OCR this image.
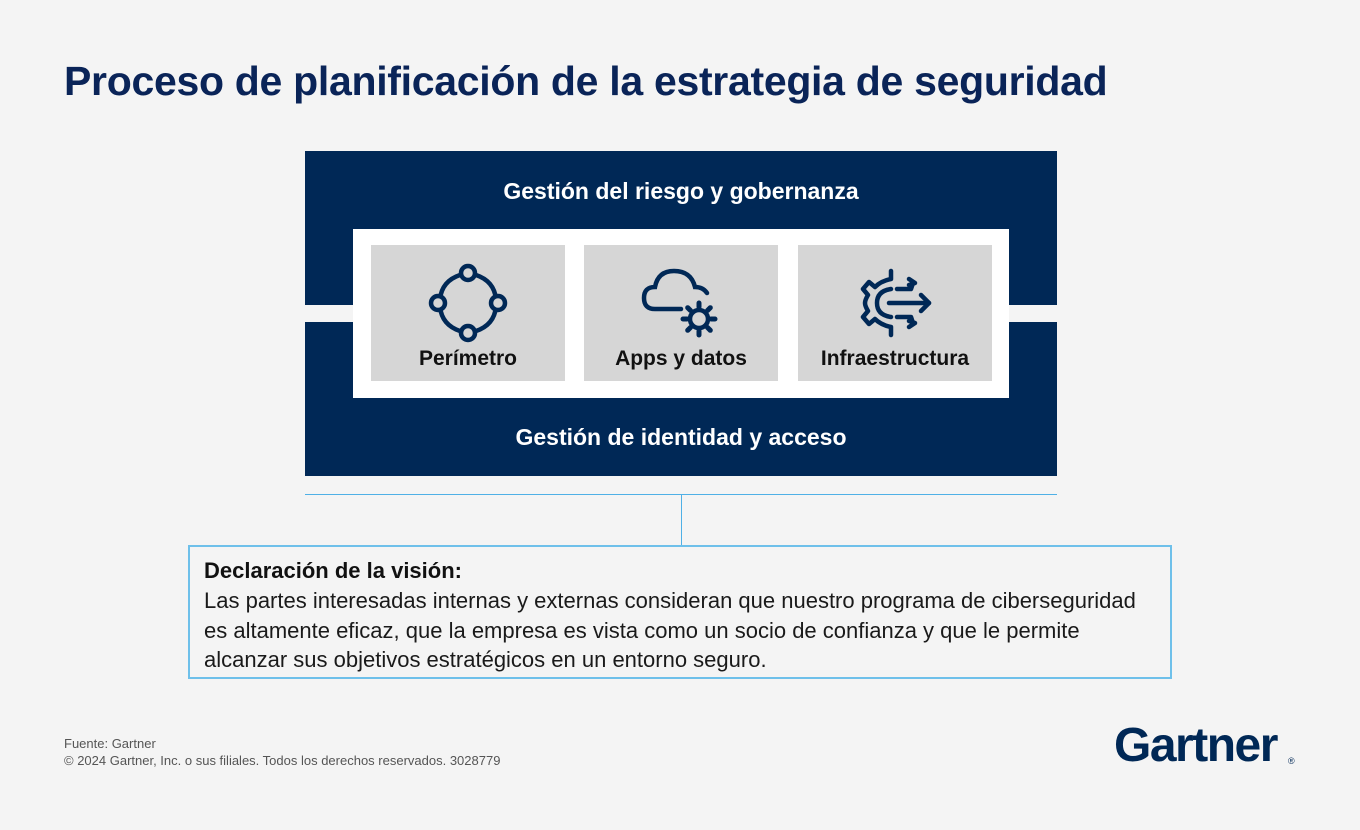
Proceso de planificación de la estrategia de seguridad
Gestión del riesgo y gobernanza
Gestión de identidad y acceso
Perímetro	Apps y datos	Infraestructura
Declaración de la visión:
Las partes interesadas internas y externas consideran que nuestro programa de ciberseguridad es altamente eficaz, que la empresa es vista como un socio de confianza y que le permite alcanzar sus objetivos estratégicos en un entorno seguro.
Fuente: Gartner
© 2024 Gartner, Inc. o sus filiales. Todos los derechos reservados. 3028779	Gartner ®
